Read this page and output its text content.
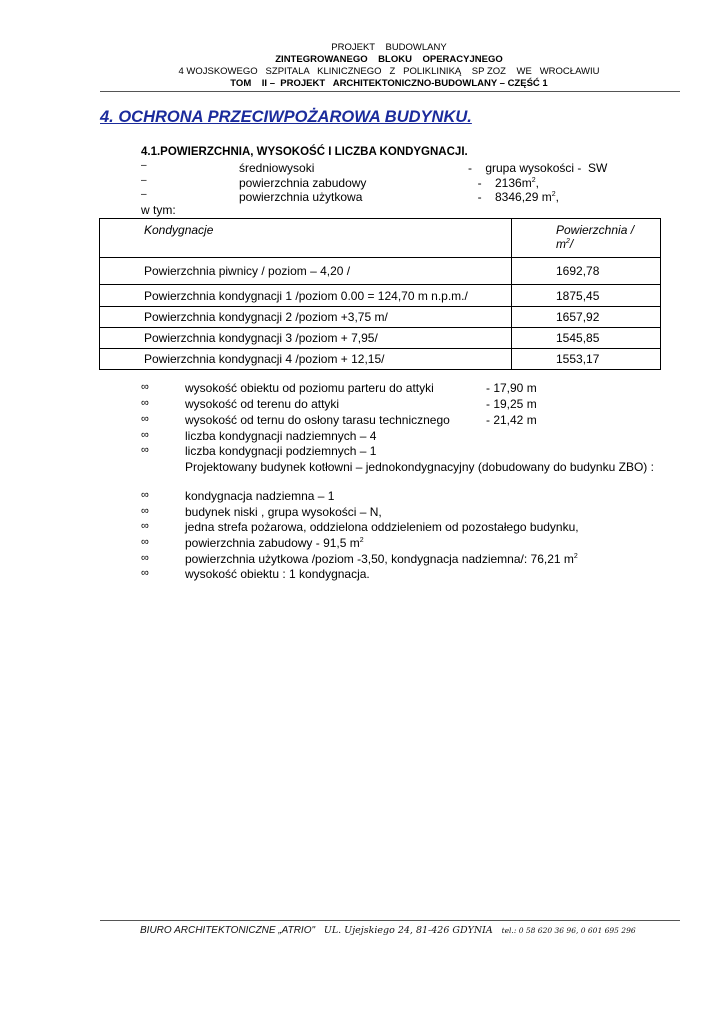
PROJEKT    BUDOWLANY
ZINTEGROWANEGO    BLOKU    OPERACYJNEGO
4 WOJSKOWEGO   SZPITALA   KLINICZNEGO   Z   POLIKLINIKĄ    SP ZOZ    WE   WROCŁAWIU
TOM    II –  PROJEKT   ARCHITEKTONICZNO-BUDOWLANY – CZĘŚĆ 1
4. OCHRONA PRZECIWPOŻAROWA BUDYNKU.
4.1.POWIERZCHNIA, WYSOKOŚĆ I LICZBA KONDYGNACJI.
–	średniowysoki	-    grupa wysokości -  SW
–	powierzchnia zabudowy	-    $2136m^2$,
–	powierzchnia użytkowa	-    8346,29 $m^2$,
w tym:
Kondygnacje	Powierzchnia /
$m^2/$
Powierzchnia piwnicy / poziom – 4,20 /	1692,78
Powierzchnia kondygnacji 1 /poziom 0.00 = 124,70 m n.p.m./	1875,45
Powierzchnia kondygnacji 2 /poziom +3,75 m/	1657,92
Powierzchnia kondygnacji 3 /poziom + 7,95/	1545,85
Powierzchnia kondygnacji 4 /poziom + 12,15/	1553,17
∞	wysokość obiektu od poziomu parteru do attyki	- 17,90 m
∞	wysokość od terenu do attyki	- 19,25 m
∞	wysokość od ternu do osłony tarasu technicznego	- 21,42 m
∞	liczba kondygnacji nadziemnych – 4
∞	liczba kondygnacji podziemnych – 1
Projektowany budynek kotłowni – jednokondygnacyjny (dobudowany do budynku ZBO) :
∞	kondygnacja nadziemna – 1
∞	budynek niski , grupa wysokości – N,
∞	jedna strefa pożarowa, oddzielona oddzieleniem od pozostałego budynku,
∞	powierzchnia zabudowy - 91,5 $m^2$
∞	powierzchnia użytkowa /poziom -3,50, kondygnacja nadziemna/: 76,21 $m^2$
∞	wysokość obiektu : 1 kondygnacja.
BIURO ARCHITEKTONICZNE „ATRIO" UL. Ujejskiego 24, 81-426 GDYNIA tel.: 0 58 620 36 96, 0 601 695 296
